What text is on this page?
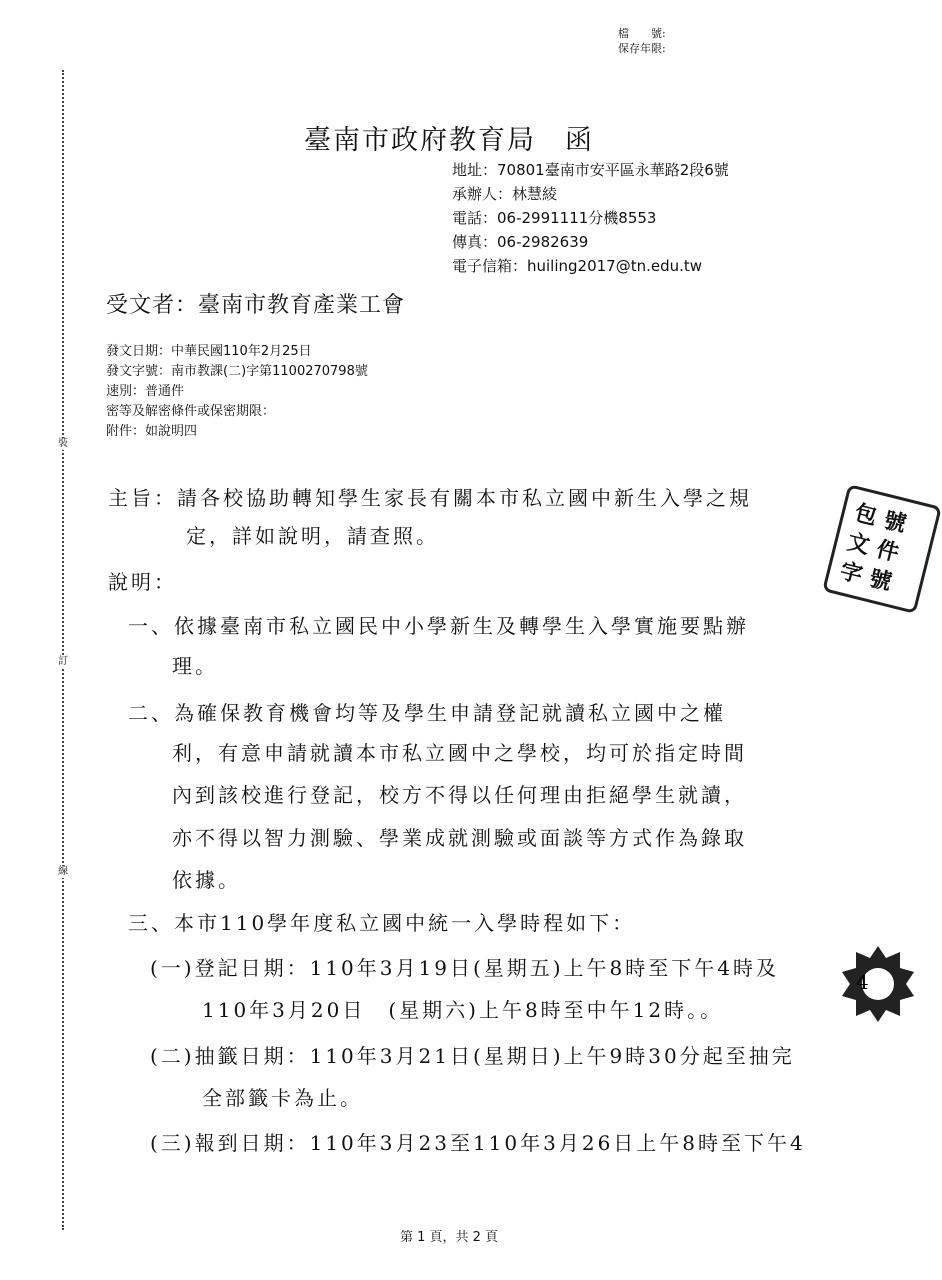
裝
訂
線
檔　　號:
保存年限:
臺南市政府教育局　函
地址：70801臺南市安平區永華路2段6號
承辦人：林慧綾
電話：06-2991111分機8553
傳真：06-2982639
電子信箱：huiling2017@tn.edu.tw
受文者：臺南市教育產業工會
發文日期：中華民國110年2月25日
發文字號：南市教課(二)字第1100270798號
速別：普通件
密等及解密條件或保密期限：
附件：如說明四
主旨：請各校協助轉知學生家長有關本市私立國中新生入學之規
定，詳如說明，請查照。
說明：
一、依據臺南市私立國民中小學新生及轉學生入學實施要點辦
理。
二、為確保教育機會均等及學生申請登記就讀私立國中之權
利，有意申請就讀本市私立國中之學校，均可於指定時間
內到該校進行登記，校方不得以任何理由拒絕學生就讀，
亦不得以智力測驗、學業成就測驗或面談等方式作為錄取
依據。
三、本市110學年度私立國中統一入學時程如下：
(一)登記日期：110年3月19日(星期五)上午8時至下午4時及
110年3月20日　(星期六)上午8時至中午12時。。
(二)抽籤日期：110年3月21日(星期日)上午9時30分起至抽完
全部籤卡為止。
(三)報到日期：110年3月23至110年3月26日上午8時至下午4
包
文
字
號
件
號
4
第 1 頁，共 2 頁
